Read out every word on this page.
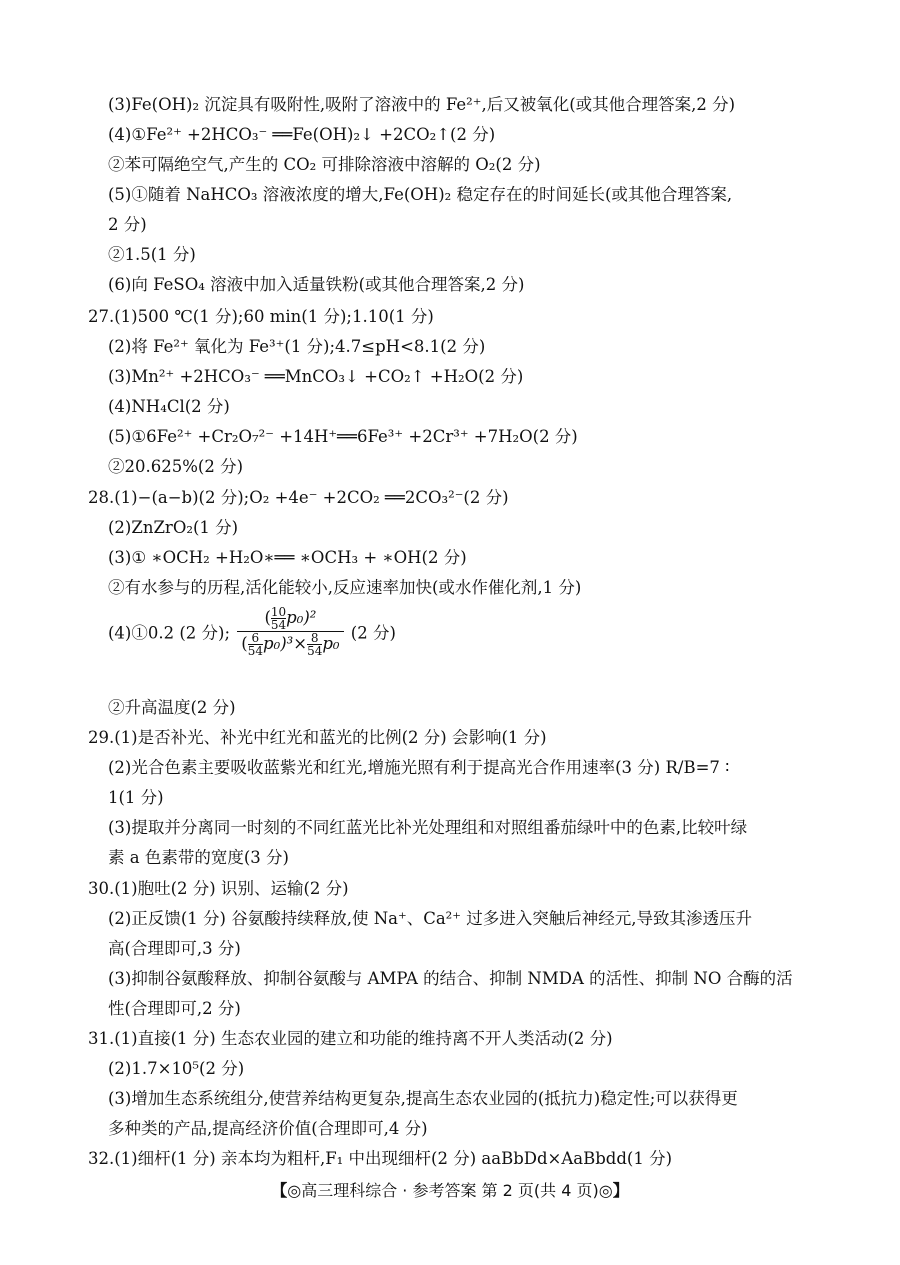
(3)Fe(OH)₂ 沉淀具有吸附性,吸附了溶液中的 Fe²⁺,后又被氧化(或其他合理答案,2 分)
(4)①Fe²⁺ +2HCO₃⁻ ══Fe(OH)₂↓ +2CO₂↑(2 分)
②苯可隔绝空气,产生的 CO₂ 可排除溶液中溶解的 O₂(2 分)
(5)①随着 NaHCO₃ 溶液浓度的增大,Fe(OH)₂ 稳定存在的时间延长(或其他合理答案,
2 分)
②1.5(1 分)
(6)向 FeSO₄ 溶液中加入适量铁粉(或其他合理答案,2 分)
27.(1)500 ℃(1 分);60 min(1 分);1.10(1 分)
(2)将 Fe²⁺ 氧化为 Fe³⁺(1 分);4.7≤pH<8.1(2 分)
(3)Mn²⁺ +2HCO₃⁻ ══MnCO₃↓ +CO₂↑ +H₂O(2 分)
(4)NH₄Cl(2 分)
(5)①6Fe²⁺ +Cr₂O₇²⁻ +14H⁺══6Fe³⁺ +2Cr³⁺ +7H₂O(2 分)
②20.625%(2 分)
28.(1)−(a−b)(2 分);O₂ +4e⁻ +2CO₂ ══2CO₃²⁻(2 分)
(2)ZnZrO₂(1 分)
(3)① ∗OCH₂ +H₂O∗══ ∗OCH₃ + ∗OH(2 分)
②有水参与的历程,活化能较小,反应速率加快(或水作催化剂,1 分)
(4)①0.2 (2 分); $\frac{( \frac{10}{54} p_0)^2}{( \frac{6}{54} p_0)^3\times \frac{8}{54} p_0} (2$ 分)
②升高温度(2 分)
29.(1)是否补光、补光中红光和蓝光的比例(2 分) 会影响(1 分)
(2)光合色素主要吸收蓝紫光和红光,增施光照有利于提高光合作用速率(3 分) R/B=7 ∶
1(1 分)
(3)提取并分离同一时刻的不同红蓝光比补光处理组和对照组番茄绿叶中的色素,比较叶绿
素 a 色素带的宽度(3 分)
30.(1)胞吐(2 分) 识别、运输(2 分)
(2)正反馈(1 分) 谷氨酸持续释放,使 Na⁺、Ca²⁺ 过多进入突触后神经元,导致其渗透压升
高(合理即可,3 分)
(3)抑制谷氨酸释放、抑制谷氨酸与 AMPA 的结合、抑制 NMDA 的活性、抑制 NO 合酶的活
性(合理即可,2 分)
31.(1)直接(1 分) 生态农业园的建立和功能的维持离不开人类活动(2 分)
(2)1.7×10⁵(2 分)
(3)增加生态系统组分,使营养结构更复杂,提高生态农业园的(抵抗力)稳定性;可以获得更
多种类的产品,提高经济价值(合理即可,4 分)
32.(1)细杆(1 分) 亲本均为粗杆,F₁ 中出现细杆(2 分) aaBbDd×AaBbdd(1 分)
【◎高三理科综合 · 参考答案 第 2 页(共 4 页)◎】
